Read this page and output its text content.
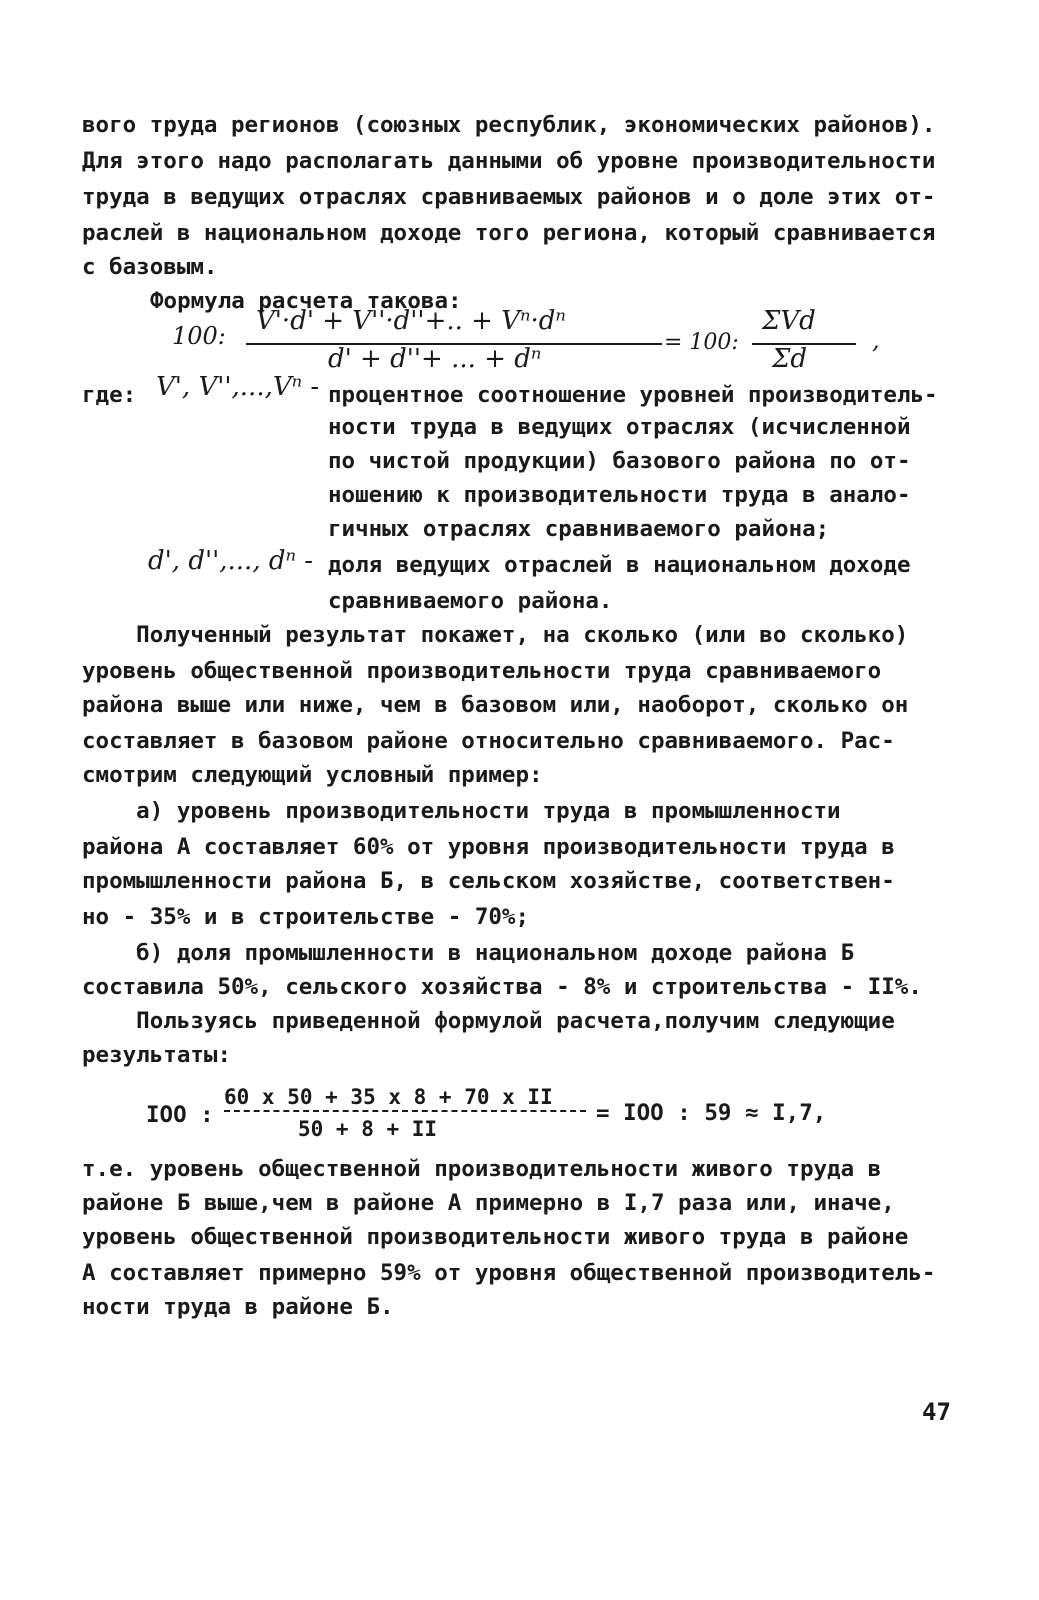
вого труда регионов (союзных республик, экономических районов).
Для этого надо располагать данными об уровне производительности
труда в ведущих отраслях сравниваемых районов и о доле этих от-
раслей в национальном доходе того региона, который сравнивается
с базовым.
Формула расчета такова:
100: V'·d' + V''·d''+.. + Vⁿ·dⁿ
d' + d''+ ... + dⁿ
= 100:
ΣVd
Σd
,
где: V', V'',...,Vⁿ - процентное соотношение уровней производитель-
ности труда в ведущих отраслях (исчисленной
по чистой продукции) базового района по от-
ношению к производительности труда в анало-
гичных отраслях сравниваемого района;
d', d'',..., dⁿ - доля ведущих отраслей в национальном доходе
сравниваемого района.
Полученный результат покажет, на сколько (или во сколько)
уровень общественной производительности труда сравниваемого
района выше или ниже, чем в базовом или, наоборот, сколько он
составляет в базовом районе относительно сравниваемого. Рас-
смотрим следующий условный пример:
а) уровень производительности труда в промышленности
района А составляет 60% от уровня производительности труда в
промышленности района Б, в сельском хозяйстве, соответствен-
но - 35% и в строительстве - 70%;
б) доля промышленности в национальном доходе района Б
составила 50%, сельского хозяйства - 8% и строительства - II%.
Пользуясь приведенной формулой расчета,получим следующие
результаты:
IOO :
60 x 50 + 35 x 8 + 70 x II
50 + 8 + II
= IOO : 59 ≈ I,7,
т.е. уровень общественной производительности живого труда в
районе Б выше,чем в районе А примерно в I,7 раза или, иначе,
уровень общественной производительности живого труда в районе
А составляет примерно 59% от уровня общественной производитель-
ности труда в районе Б.
47
